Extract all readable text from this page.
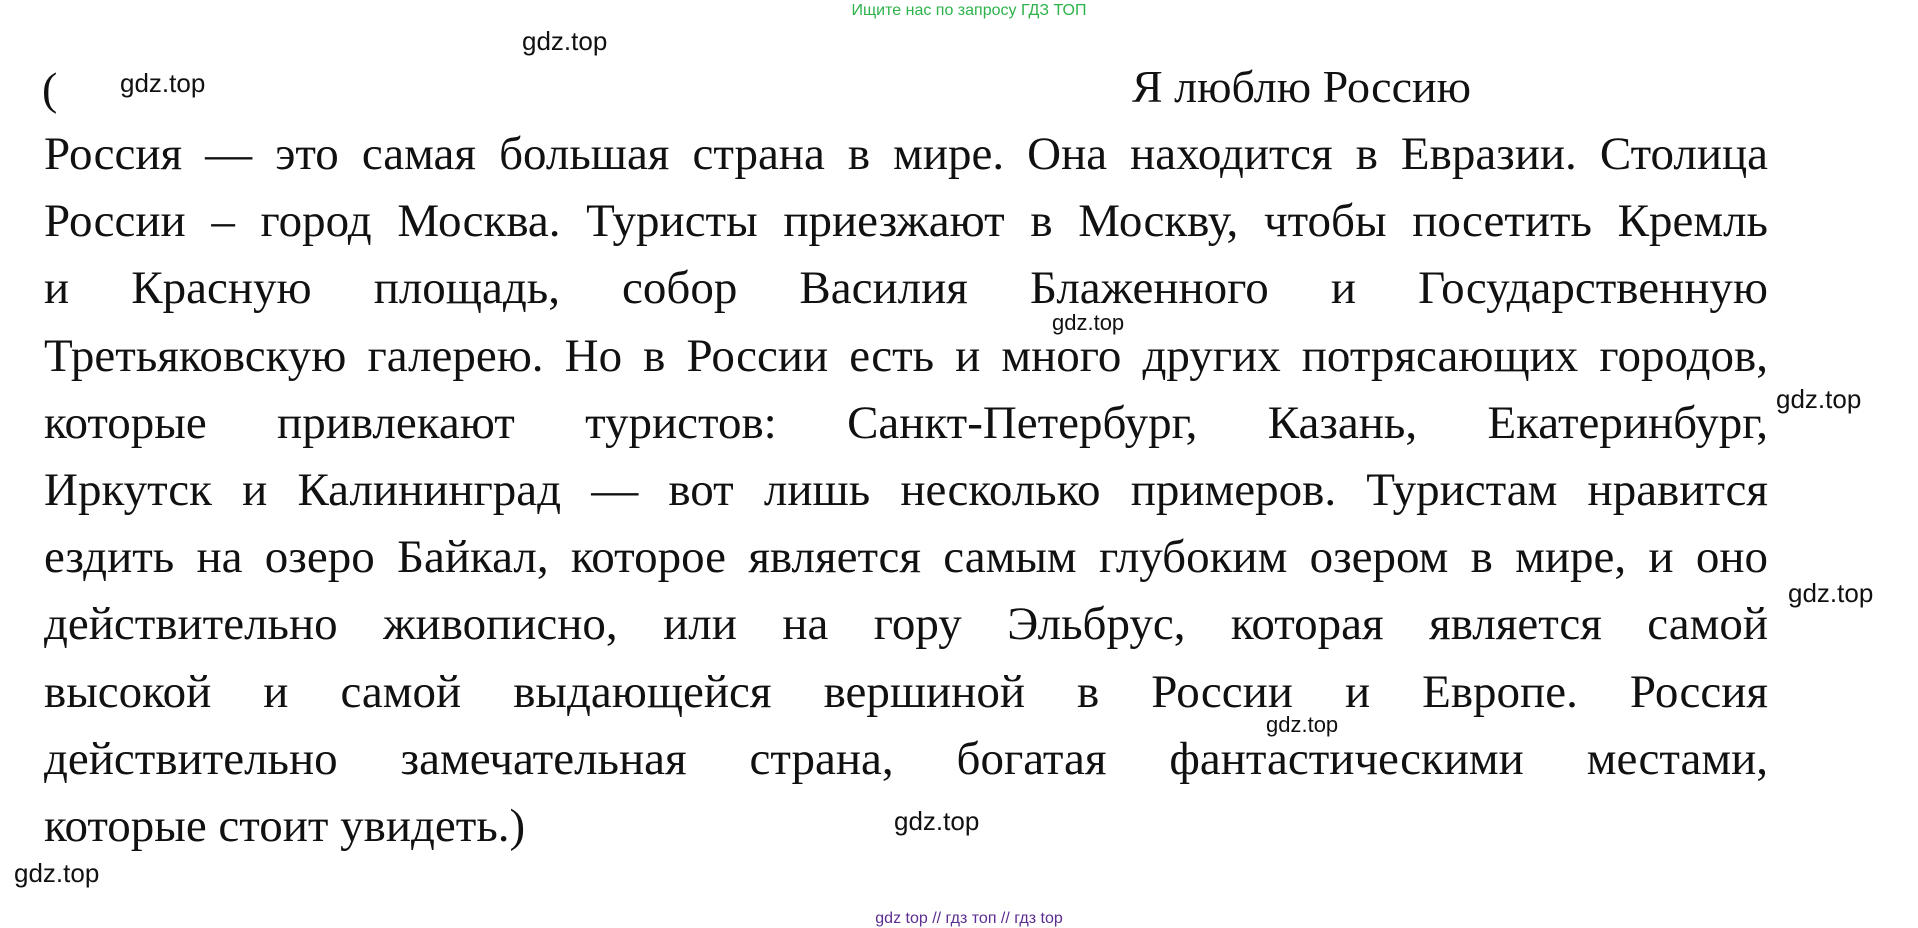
Ищите нас по запросу ГДЗ ТОП
(	Я люблю Россию
Россия — это самая большая страна в мире. Она находится в Евразии. Столица
России – город Москва. Туристы приезжают в Москву, чтобы посетить Кремль
и Красную площадь, собор Василия Блаженного и Государственную
Третьяковскую галерею. Но в России есть и много других потрясающих городов,
которые привлекают туристов: Санкт-Петербург, Казань, Екатеринбург,
Иркутск и Калининград — вот лишь несколько примеров. Туристам нравится
ездить на озеро Байкал, которое является самым глубоким озером в мире, и оно
действительно живописно, или на гору Эльбрус, которая является самой
высокой и самой выдающейся вершиной в России и Европе. Россия
действительно замечательная страна, богатая фантастическими местами,
которые стоит увидеть.)
gdz.top
gdz.top
gdz.top
gdz.top
gdz.top
gdz.top
gdz.top
gdz.top
gdz top // гдз топ // гдз top
